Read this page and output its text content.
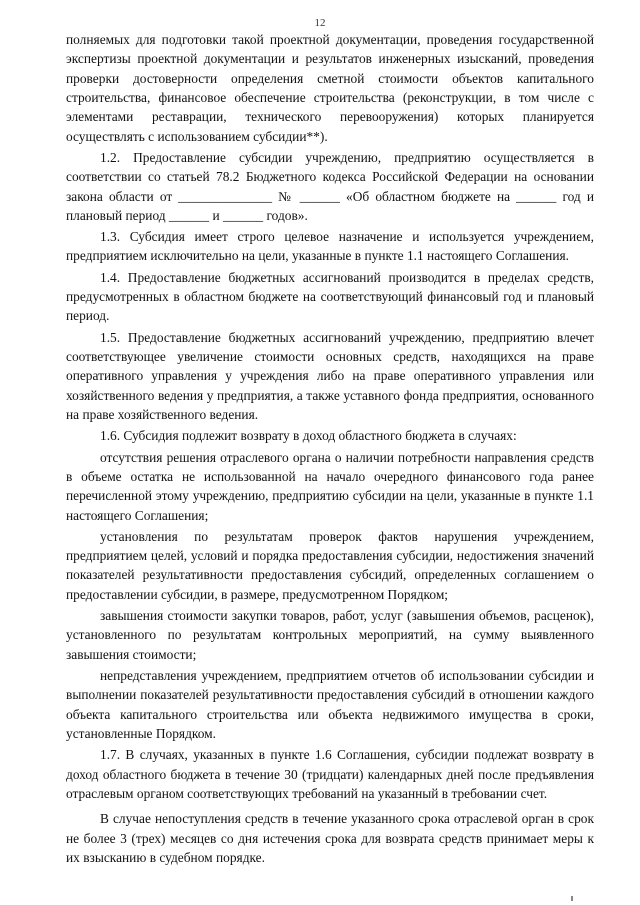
12

полняемых для подготовки такой проектной документации, проведения государственной экспертизы проектной документации и результатов инженерных изысканий, проведения проверки достоверности определения сметной стоимости объектов капитального строительства, финансовое обеспечение строительства (реконструкции, в том числе с элементами реставрации, технического перевооружения) которых планируется осуществлять с использованием субсидии**).

1.2. Предоставление субсидии учреждению, предприятию осуществляется в соответствии со статьей 78.2 Бюджетного кодекса Российской Федерации на основании закона области от ______________ № ______ «Об областном бюджете на ______ год и плановый период ______ и ______ годов».

1.3. Субсидия имеет строго целевое назначение и используется учреждением, предприятием исключительно на цели, указанные в пункте 1.1 настоящего Соглашения.

1.4. Предоставление бюджетных ассигнований производится в пределах средств, предусмотренных в областном бюджете на соответствующий финансовый год и плановый период.

1.5. Предоставление бюджетных ассигнований учреждению, предприятию влечет соответствующее увеличение стоимости основных средств, находящихся на праве оперативного управления у учреждения либо на праве оперативного управления или хозяйственного ведения у предприятия, а также уставного фонда предприятия, основанного на праве хозяйственного ведения.

1.6. Субсидия подлежит возврату в доход областного бюджета в случаях:

отсутствия решения отраслевого органа о наличии потребности направления средств в объеме остатка не использованной на начало очередного финансового года ранее перечисленной этому учреждению, предприятию субсидии на цели, указанные в пункте 1.1 настоящего Соглашения;

установления по результатам проверок фактов нарушения учреждением, предприятием целей, условий и порядка предоставления субсидии, недостижения значений показателей результативности предоставления субсидий, определенных соглашением о предоставлении субсидии, в размере, предусмотренном Порядком;

завышения стоимости закупки товаров, работ, услуг (завышения объемов, расценок), установленного по результатам контрольных мероприятий, на сумму выявленного завышения стоимости;

непредставления учреждением, предприятием отчетов об использовании субсидии и выполнении показателей результативности предоставления субсидий в отношении каждого объекта капитального строительства или объекта недвижимого имущества в сроки, установленные Порядком.

1.7. В случаях, указанных в пункте 1.6 Соглашения, субсидии подлежат возврату в доход областного бюджета в течение 30 (тридцати) календарных дней после предъявления отраслевым органом соответствующих требований на указанный в требовании счет.

В случае непоступления средств в течение указанного срока отраслевой орган в срок не более 3 (трех) месяцев со дня истечения срока для возврата средств принимает меры к их взысканию в судебном порядке.
